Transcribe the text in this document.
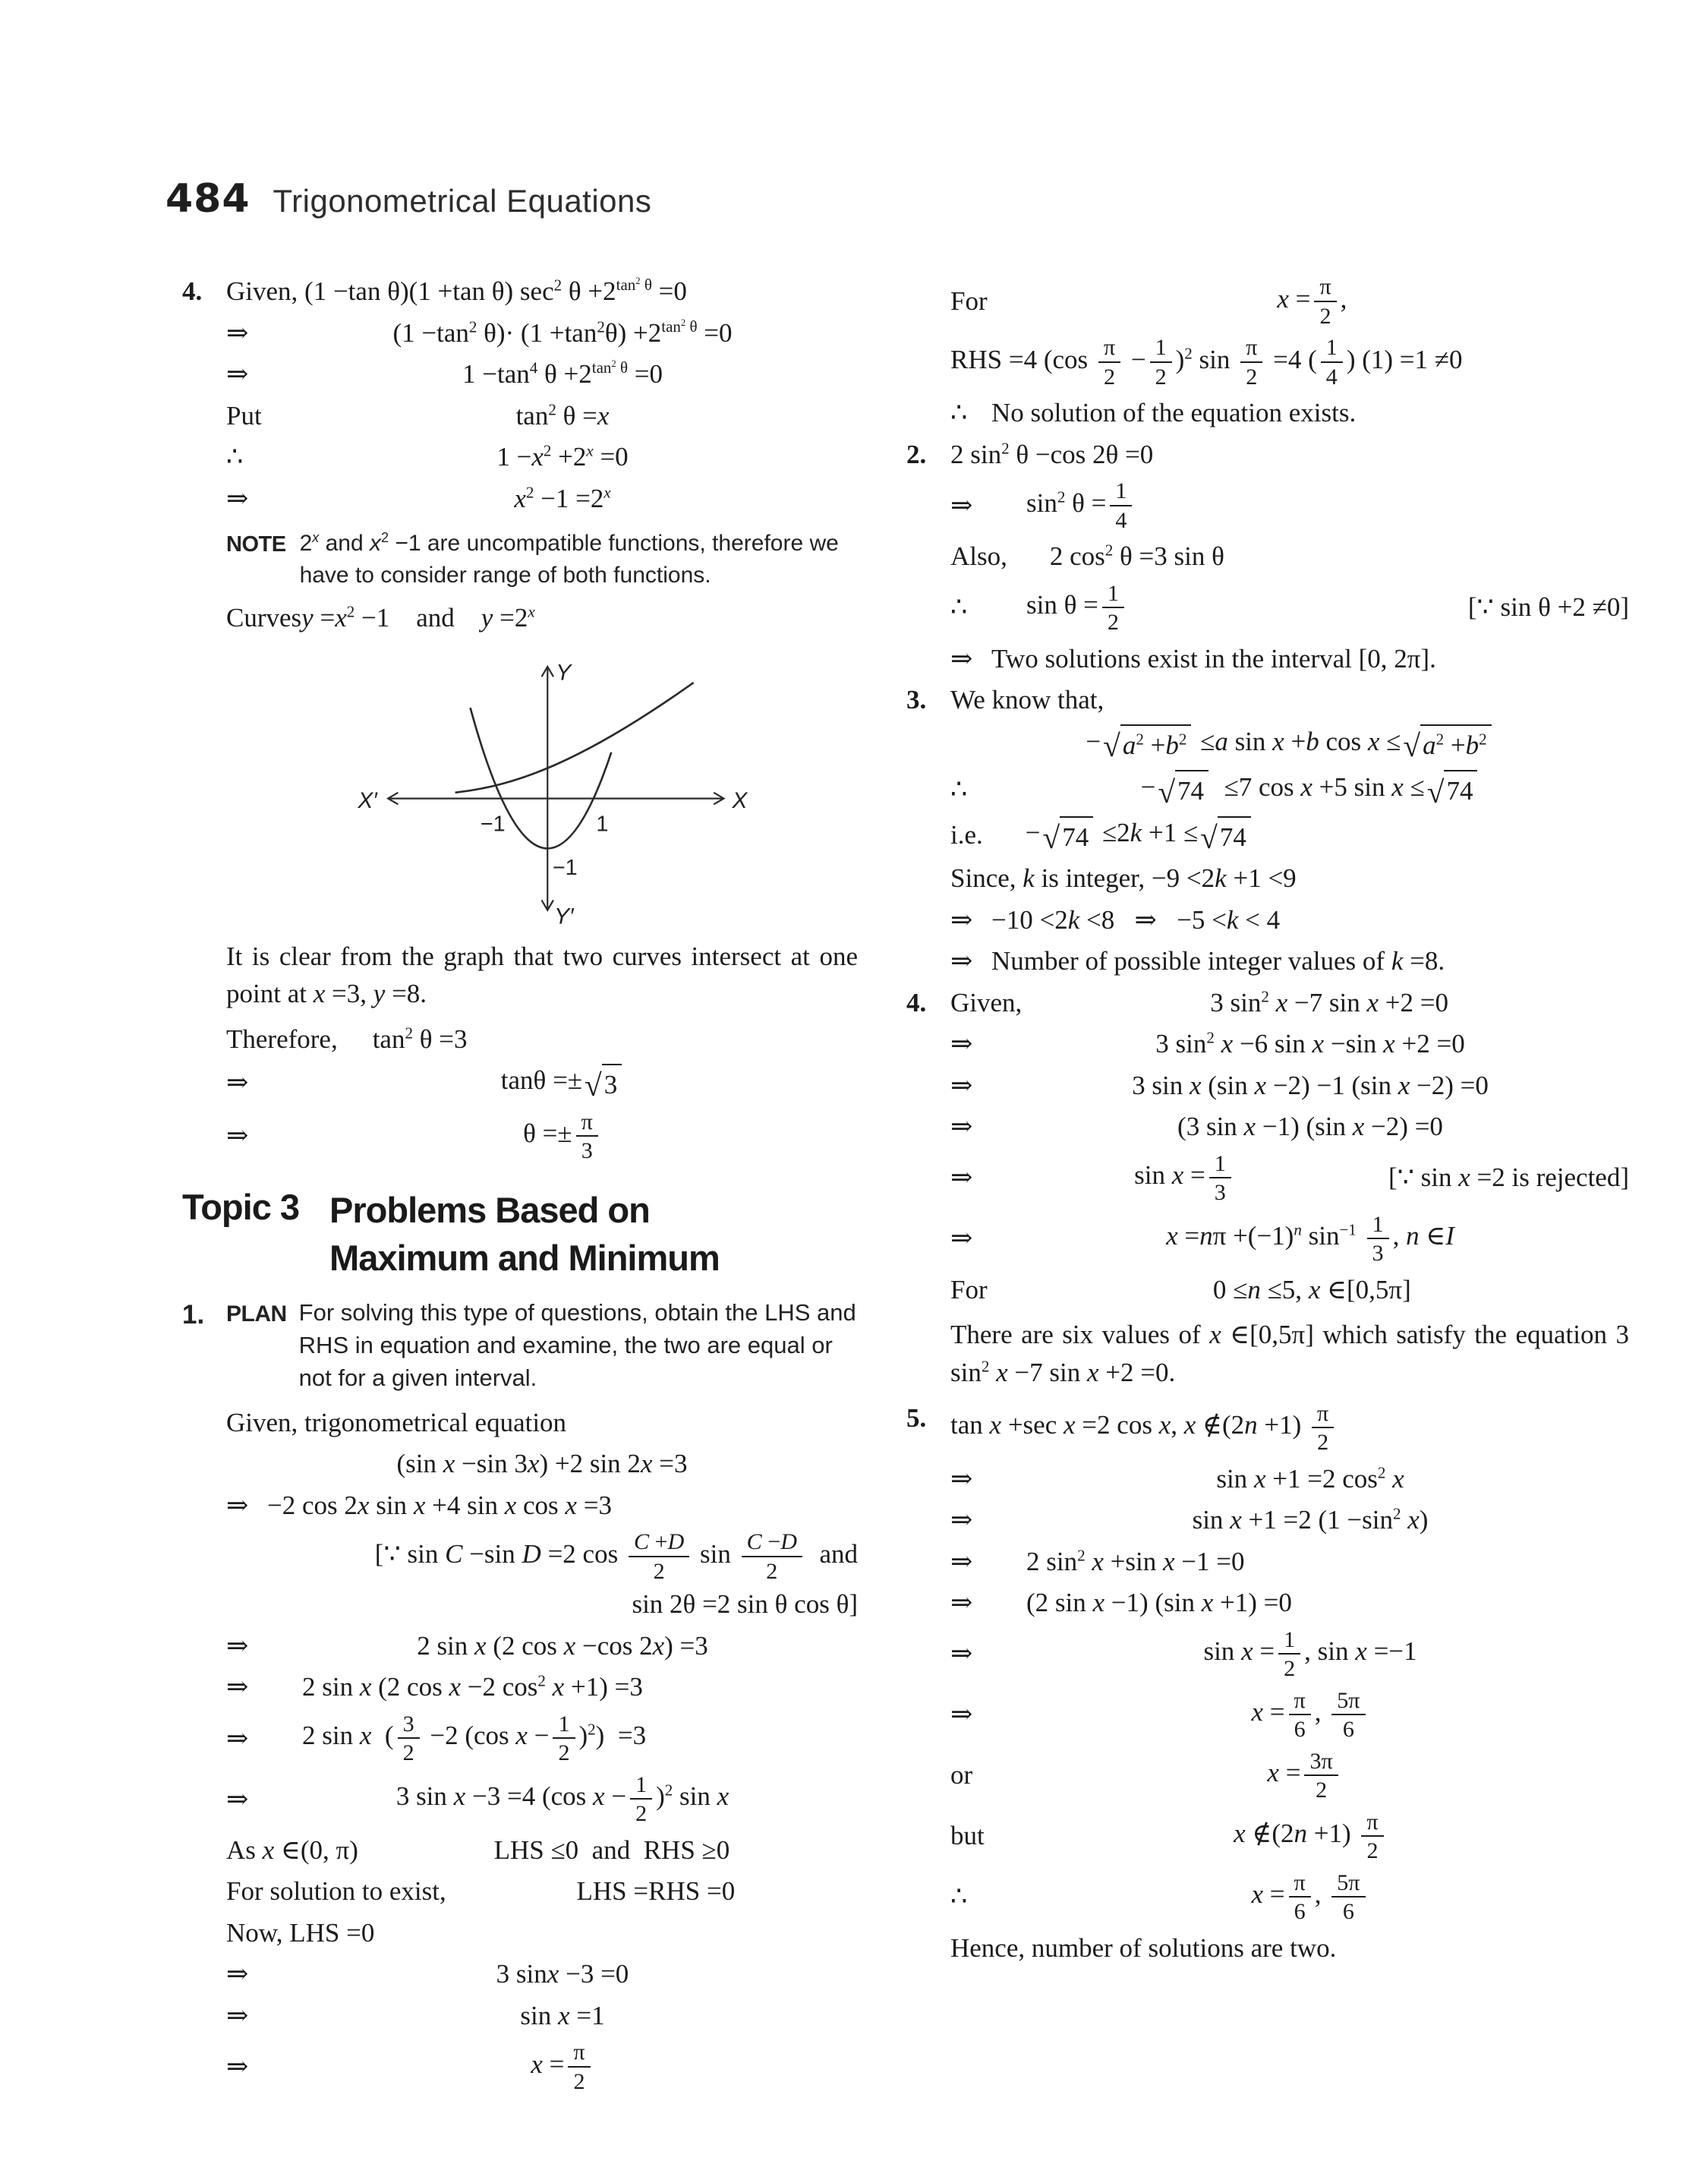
484 Trigonometrical Equations
4. Given, (1 −tan θ)(1 +tan θ) $\sec^2 \theta +2^{tan^2 \theta} =0$
⇒	($1 -\tan^2$ $\theta)\cdot (1 +\tan^2\theta) +2^{tan^2 \theta} =0$
⇒	$1 -\tan^4$ $\theta +2^{tan^2 \theta} =0$
Put	$\tan^2 \theta =x$
∴	$1 -x^2 +2^x =0$
⇒	$x^2 -1 =2^x$
NOTE 2$^x$ and $x^2 -1$ are uncompatible functions, therefore we have to consider range of both functions.
Curves $y =x^2 -1$    and    $y =2^x$
Y
Y′
X
X′
−1	1
−1
It is clear from the graph that two curves intersect at one point at x =3, y =8.
Therefore,	$\tan^2 \theta =3$
⇒	tanθ =± √ 3
⇒	$\theta =\pm \frac{\pi}{3}$
Topic 3 Problems Based on
Maximum and Minimum
1. PLAN For solving this type of questions, obtain the LHS and RHS in equation and examine, the two are equal or not for a given interval.
Given, trigonometrical equation
(sin x −sin 3x) +2 sin 2x =3
⇒ −2 cos 2x sin x +4 sin x cos x =3
[∵ sin C −sin D =2 $\cos \frac{C +D}{2}$ $\sin \frac{C -D}{2}$ and
sin 2θ =2 sin θ cos θ]
⇒	2 sin x (2 cos x −cos 2x) =3
⇒	2 sin x (2 cos x −2 $\cos^2 x +1) =3$
⇒	2 sin x  ( $\frac{3}{2} -2$ (cos $x - \frac{1}{2} )^2) =3$
⇒	3 sin x −3 =4 (cos $x - \frac{1}{2} )^2$ sin x
As x ∈(0, π)	LHS ≤0  and  RHS ≥0
For solution to exist,	LHS =RHS =0
Now, LHS =0
⇒	3 sinx −3 =0
⇒	sin x =1
⇒	$x = \frac{\pi}{2}$
For	$x = \frac{\pi}{2}$ ,
RHS =4 $(\cos \frac{\pi}{2} - \frac{1}{2} )^2$ $\sin \frac{\pi}{2} =4$ ( $\frac{1}{4}$ ) (1) =1 ≠0
∴ No solution of the equation exists.
2. 2 $\sin^2 \theta -\cos$ 2θ =0
⇒	$\sin^2 \theta = \frac{1}{4}$
Also,	2 $\cos^2 \theta =3$ sin θ
∴	$\sin \theta = \frac{1}{2}$	[∵ sin θ +2 ≠0]
⇒ Two solutions exist in the interval [0, 2π].
3. We know that,
− √ $a^2 +b^2 \le a$ sin x +b cos x ≤ √ $a^2 +b^2$
∴	− √ 74 ≤7 cos x +5 sin x ≤ √ 74
i.e.	− √ 74 ≤2k +1 ≤ √ 74
Since, k is integer, −9 <2k +1 <9
⇒ −10 <2k <8   ⇒   −5 <k < 4
⇒ Number of possible integer values of k =8.
4. Given,	3 $\sin^2 x -7$ sin x +2 =0
⇒	3 $\sin^2 x -6$ sin x −sin x +2 =0
⇒	3 sin x (sin x −2) −1 (sin x −2) =0
⇒	(3 sin x −1) (sin x −2) =0
⇒	$\sin x = \frac{1}{3}$	[∵ sin x =2 is rejected]
⇒	$x =n\pi +(-1)^n$ $\sin^{-1} \frac{1}{3}$ , n ∈I
For	0 ≤n ≤5, x ∈[0,5π]
There are six values of x ∈[0,5π] which satisfy the equation 3 $\sin^2 x -7$ sin x +2 =0.
5. tan x +sec x =2 cos x, x ∉(2n $+1) \frac{\pi}{2}$
⇒	sin x +1 =2 $\cos^2 x$
⇒	sin x +1 =2 ($1 -\sin^2$ x)
⇒	2 $\sin^2 x +\sin$ x −1 =0
⇒	(2 sin x −1) (sin x +1) =0
⇒	$\sin x = \frac{1}{2}$ , sin x =−1
⇒	$x = \frac{\pi}{6}$ , $\frac{5\pi}{6}$
or	$x = \frac{3\pi}{2}$
but	x ∉(2n $+1) \frac{\pi}{2}$
∴	$x = \frac{\pi}{6}$ , $\frac{5\pi}{6}$
Hence, number of solutions are two.
